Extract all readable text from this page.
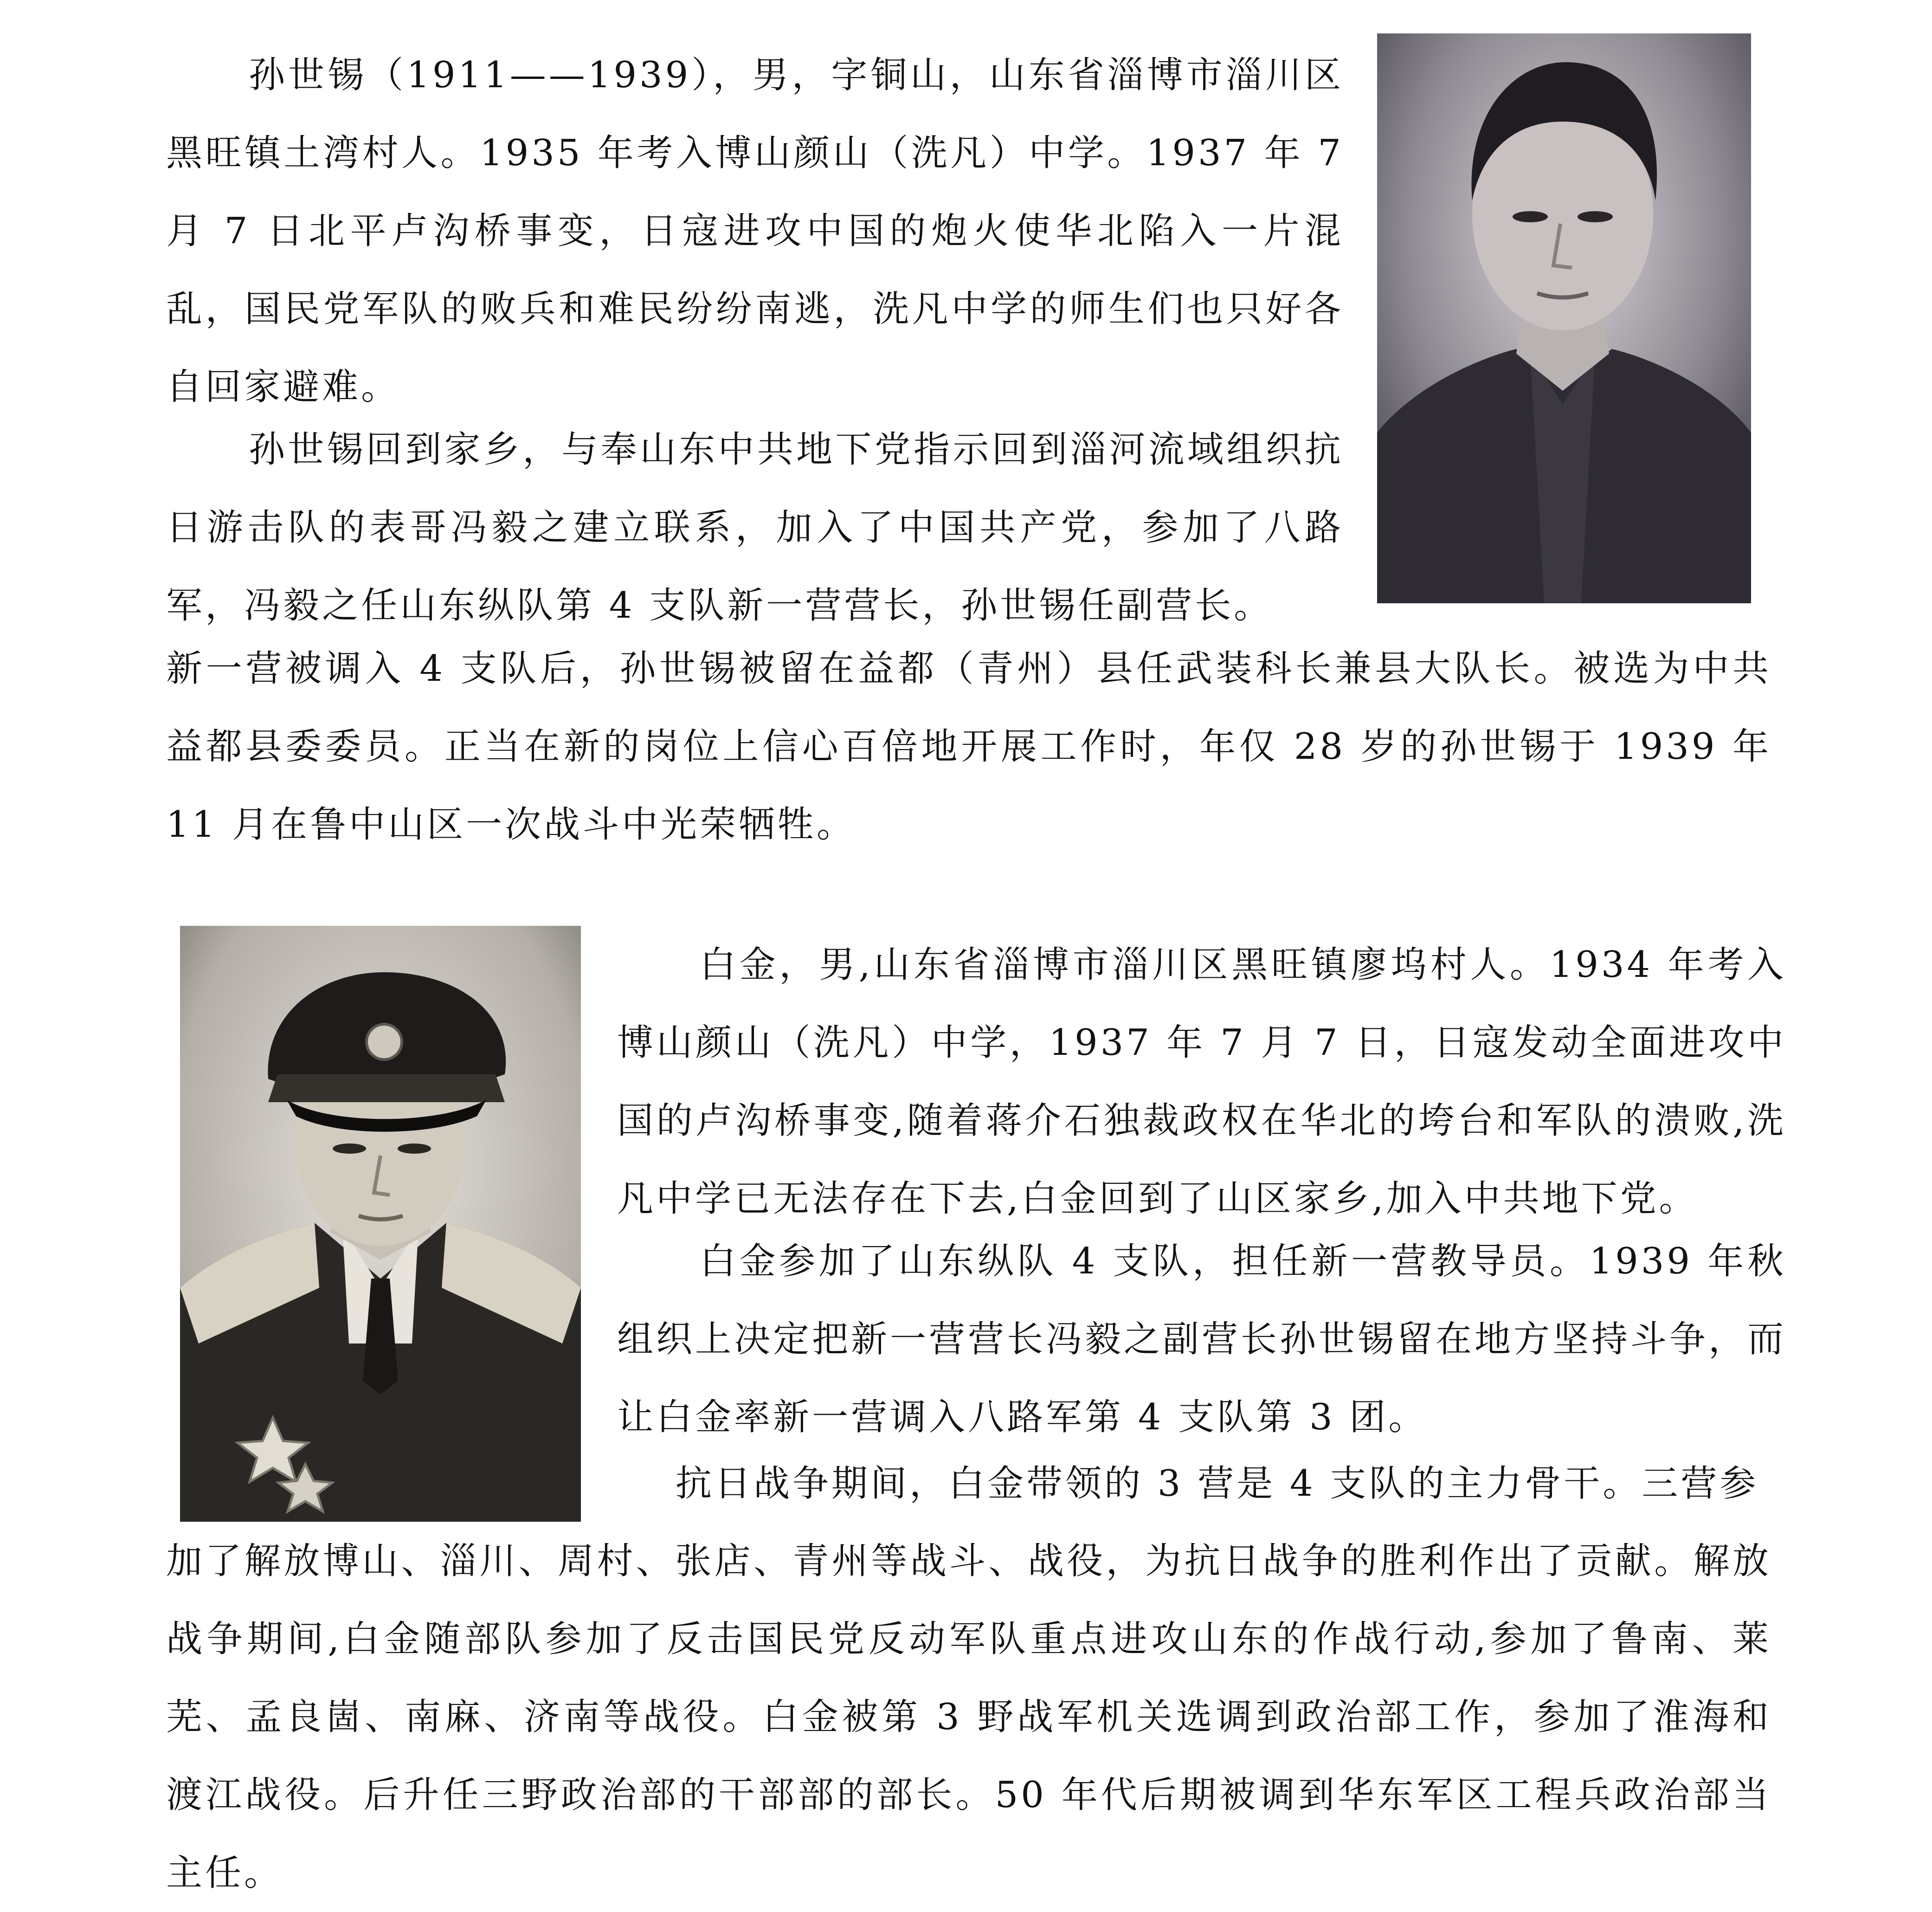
孙世锡（1911——1939），男，字铜山，山东省淄博市淄川区黑旺镇土湾村人。1935 年考入博山颜山（洗凡）中学。1937 年 7 月 7 日北平卢沟桥事变，日寇进攻中国的炮火使华北陷入一片混乱，国民党军队的败兵和难民纷纷南逃，洗凡中学的师生们也只好各自回家避难。

孙世锡回到家乡，与奉山东中共地下党指示回到淄河流域组织抗日游击队的表哥冯毅之建立联系，加入了中国共产党，参加了八路军，冯毅之任山东纵队第 4 支队新一营营长，孙世锡任副营长。

新一营被调入 4 支队后，孙世锡被留在益都（青州）县任武装科长兼县大队长。被选为中共益都县委委员。正当在新的岗位上信心百倍地开展工作时，年仅 28 岁的孙世锡于 1939 年 11 月在鲁中山区一次战斗中光荣牺牲。

白金，男,山东省淄博市淄川区黑旺镇廖坞村人。1934 年考入博山颜山（洗凡）中学，1937 年 7 月 7 日，日寇发动全面进攻中国的卢沟桥事变,随着蒋介石独裁政权在华北的垮台和军队的溃败,洗凡中学已无法存在下去,白金回到了山区家乡,加入中共地下党。

白金参加了山东纵队 4 支队，担任新一营教导员。1939 年秋组织上决定把新一营营长冯毅之副营长孙世锡留在地方坚持斗争，而让白金率新一营调入八路军第 4 支队第 3 团。

抗日战争期间，白金带领的 3 营是 4 支队的主力骨干。三营参

加了解放博山、淄川、周村、张店、青州等战斗、战役，为抗日战争的胜利作出了贡献。解放战争期间,白金随部队参加了反击国民党反动军队重点进攻山东的作战行动,参加了鲁南、莱芜、孟良崮、南麻、济南等战役。白金被第 3 野战军机关选调到政治部工作，参加了淮海和渡江战役。后升任三野政治部的干部部的部长。50 年代后期被调到华东军区工程兵政治部当主任。
